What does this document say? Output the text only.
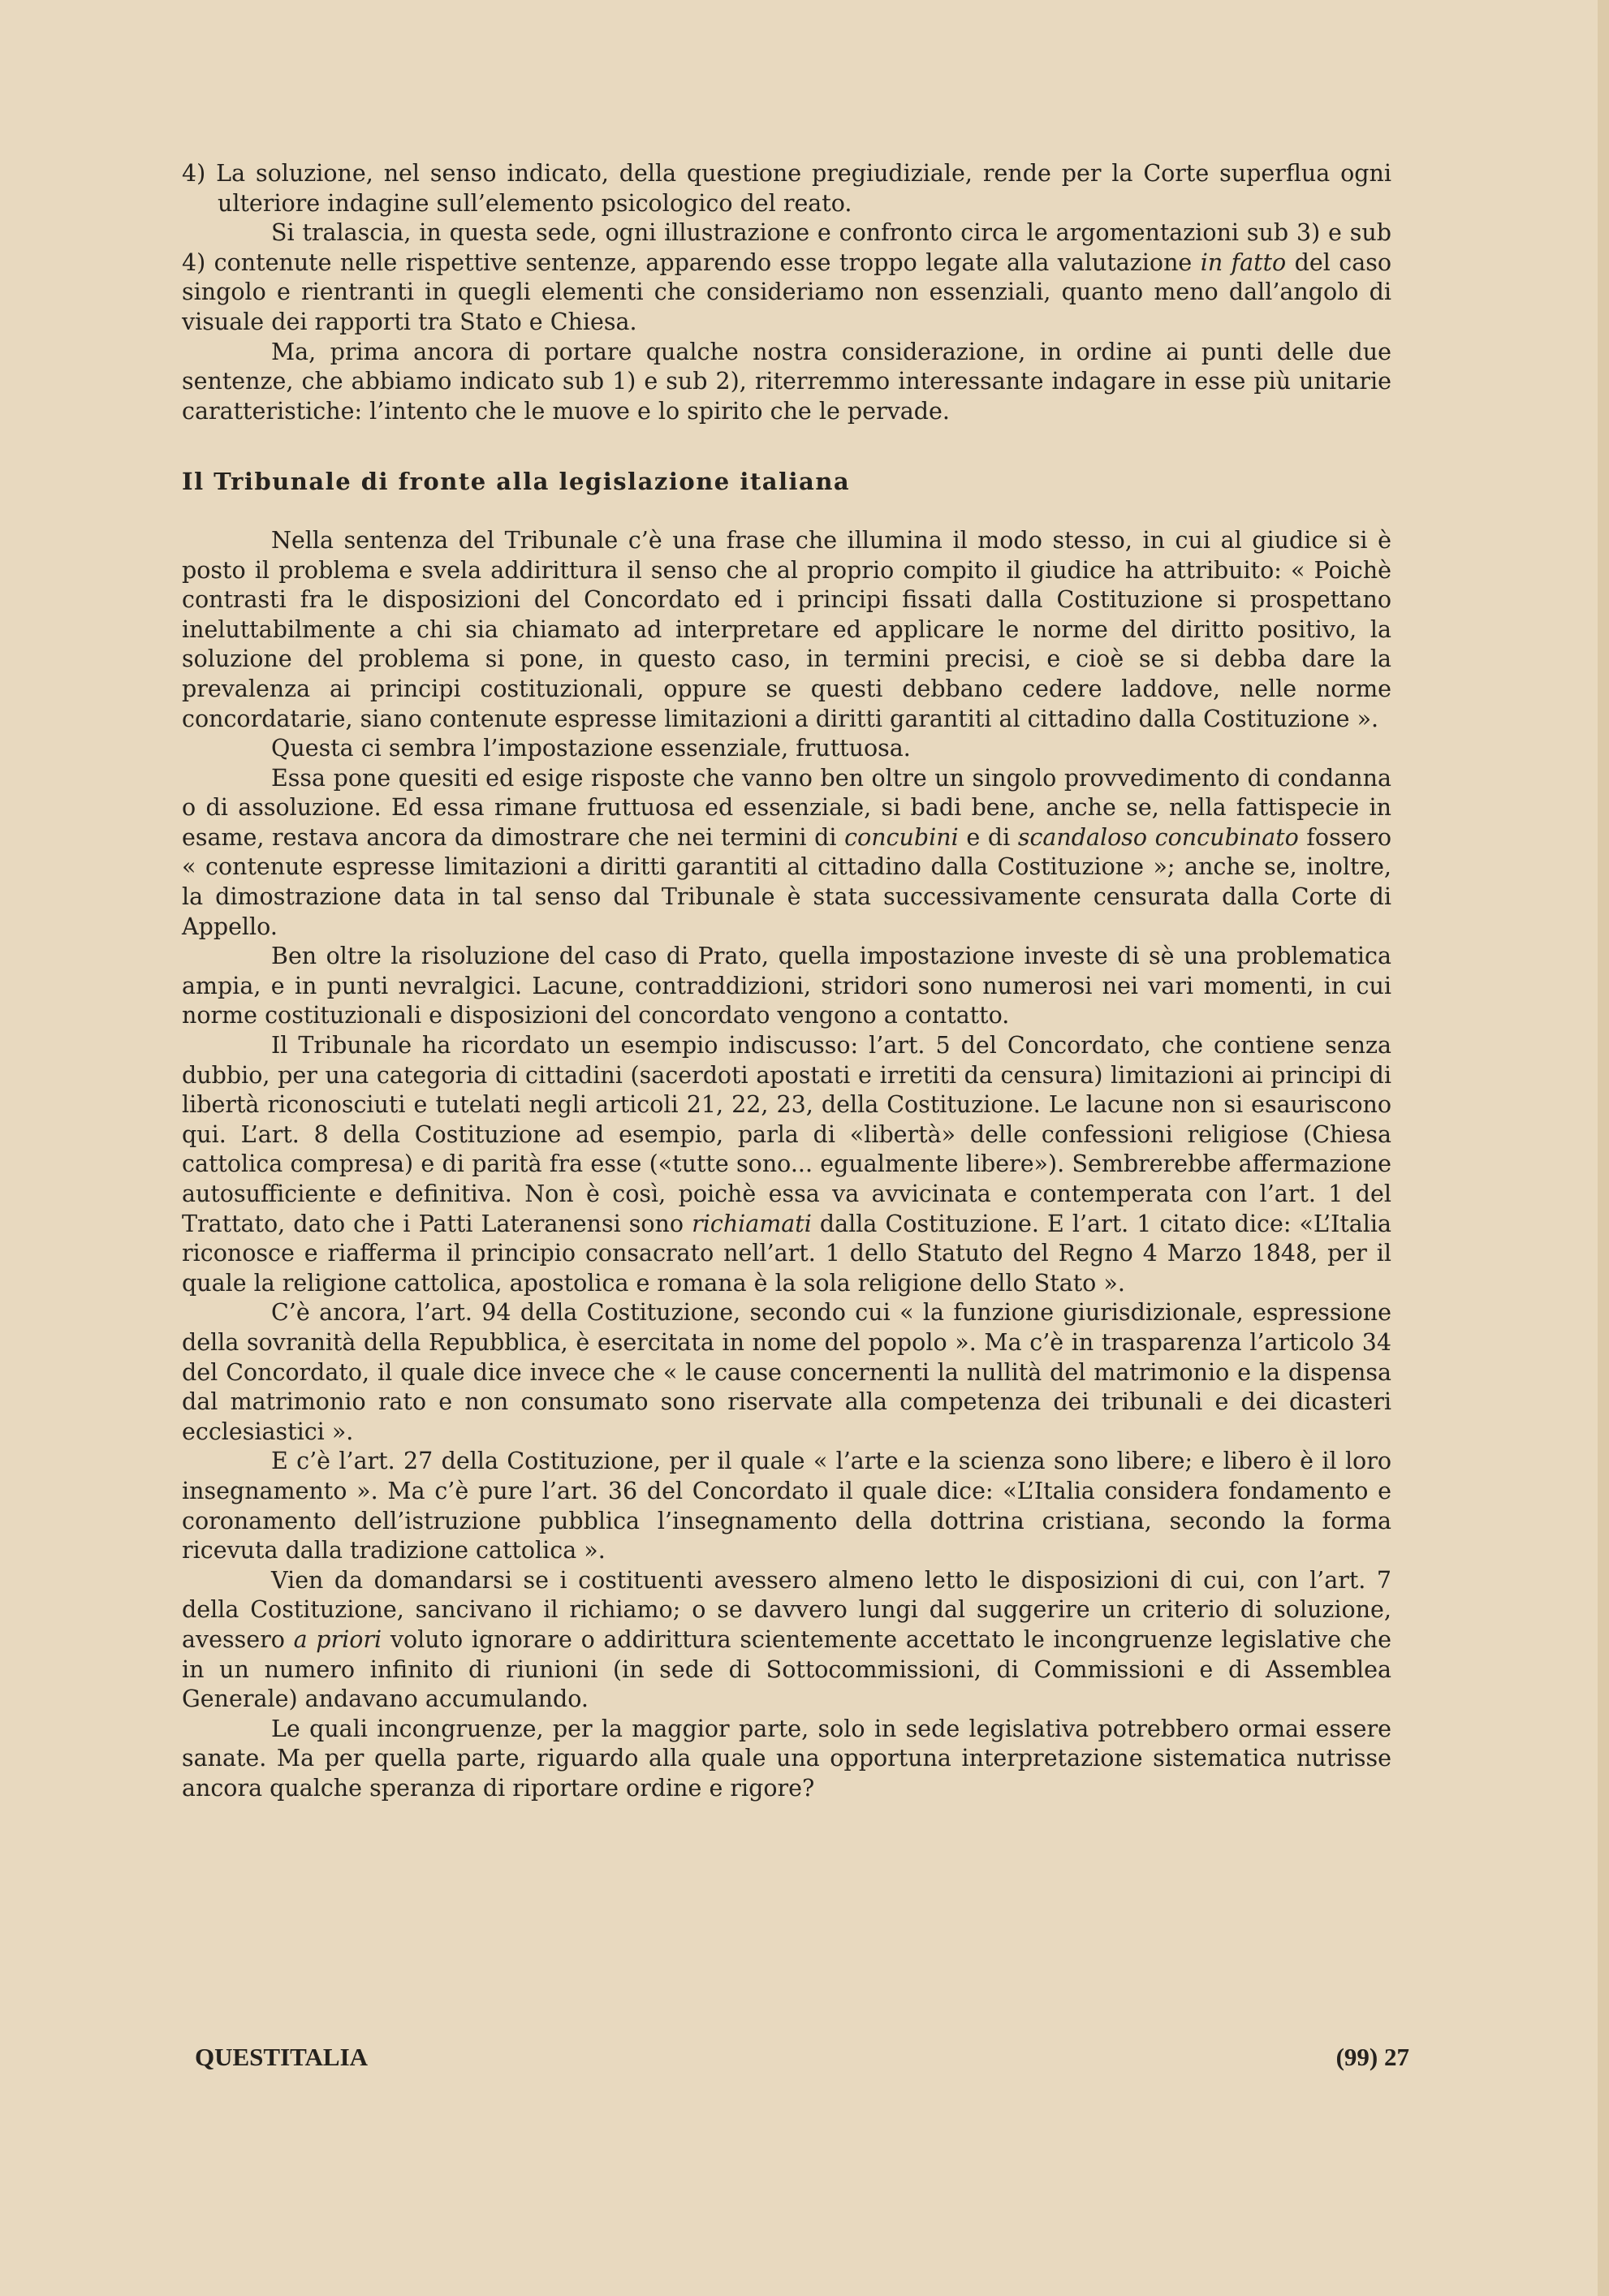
4) La soluzione, nel senso indicato, della questione pregiudiziale, rende per la Corte superflua ogni ulteriore indagine sull’elemento psicologico del reato.

Si tralascia, in questa sede, ogni illustrazione e confronto circa le argomentazioni sub 3) e sub 4) contenute nelle rispettive sentenze, apparendo esse troppo legate alla valutazione in fatto del caso singolo e rientranti in quegli elementi che consideriamo non essenziali, quanto meno dall’angolo di visuale dei rapporti tra Stato e Chiesa.

Ma, prima ancora di portare qualche nostra considerazione, in ordine ai punti delle due sentenze, che abbiamo indicato sub 1) e sub 2), riterremmo interessante indagare in esse più unitarie caratteristiche: l’intento che le muove e lo spirito che le pervade.

Il Tribunale di fronte alla legislazione italiana

Nella sentenza del Tribunale c’è una frase che illumina il modo stesso, in cui al giudice si è posto il problema e svela addirittura il senso che al proprio compito il giudice ha attribuito: « Poichè contrasti fra le disposizioni del Concordato ed i principi fissati dalla Costituzione si prospettano ineluttabilmente a chi sia chiamato ad interpretare ed applicare le norme del diritto positivo, la soluzione del problema si pone, in questo caso, in termini precisi, e cioè se si debba dare la prevalenza ai principi costituzionali, oppure se questi debbano cedere laddove, nelle norme concordatarie, siano contenute espresse limitazioni a diritti garantiti al cittadino dalla Costituzione ».

Questa ci sembra l’impostazione essenziale, fruttuosa.

Essa pone quesiti ed esige risposte che vanno ben oltre un singolo provvedimento di condanna o di assoluzione. Ed essa rimane fruttuosa ed essenziale, si badi bene, anche se, nella fattispecie in esame, restava ancora da dimostrare che nei termini di concubini e di scandaloso concubinato fossero « contenute espresse limitazioni a diritti garantiti al cittadino dalla Costituzione »; anche se, inoltre, la dimostrazione data in tal senso dal Tribunale è stata successivamente censurata dalla Corte di Appello.

Ben oltre la risoluzione del caso di Prato, quella impostazione investe di sè una problematica ampia, e in punti nevralgici. Lacune, contraddizioni, stridori sono numerosi nei vari momenti, in cui norme costituzionali e disposizioni del concordato vengono a contatto.

Il Tribunale ha ricordato un esempio indiscusso: l’art. 5 del Concordato, che contiene senza dubbio, per una categoria di cittadini (sacerdoti apostati e irretiti da censura) limitazioni ai principi di libertà riconosciuti e tutelati negli articoli 21, 22, 23, della Costituzione. Le lacune non si esauriscono qui. L’art. 8 della Costituzione ad esempio, parla di «libertà» delle confessioni religiose (Chiesa cattolica compresa) e di parità fra esse («tutte sono... egualmente libere»). Sembrerebbe affermazione autosufficiente e definitiva. Non è così, poichè essa va avvicinata e contemperata con l’art. 1 del Trattato, dato che i Patti Lateranensi sono richiamati dalla Costituzione. E l’art. 1 citato dice: «L’Italia riconosce e riafferma il principio consacrato nell’art. 1 dello Statuto del Regno 4 Marzo 1848, per il quale la religione cattolica, apostolica e romana è la sola religione dello Stato ».

C’è ancora, l’art. 94 della Costituzione, secondo cui « la funzione giurisdizionale, espressione della sovranità della Repubblica, è esercitata in nome del popolo ». Ma c’è in trasparenza l’articolo 34 del Concordato, il quale dice invece che « le cause concernenti la nullità del matrimonio e la dispensa dal matrimonio rato e non consumato sono riservate alla competenza dei tribunali e dei dicasteri ecclesiastici ».

E c’è l’art. 27 della Costituzione, per il quale « l’arte e la scienza sono libere; e libero è il loro insegnamento ». Ma c’è pure l’art. 36 del Concordato il quale dice: «L’Italia considera fondamento e coronamento dell’istruzione pubblica l’insegnamento della dottrina cristiana, secondo la forma ricevuta dalla tradizione cattolica ».

Vien da domandarsi se i costituenti avessero almeno letto le disposizioni di cui, con l’art. 7 della Costituzione, sancivano il richiamo; o se davvero lungi dal suggerire un criterio di soluzione, avessero a priori voluto ignorare o addirittura scientemente accettato le incongruenze legislative che in un numero infinito di riunioni (in sede di Sottocommissioni, di Commissioni e di Assemblea Generale) andavano accumulando.

Le quali incongruenze, per la maggior parte, solo in sede legislativa potrebbero ormai essere sanate. Ma per quella parte, riguardo alla quale una opportuna interpretazione sistematica nutrisse ancora qualche speranza di riportare ordine e rigore?

QUESTITALIA	(99) 27
